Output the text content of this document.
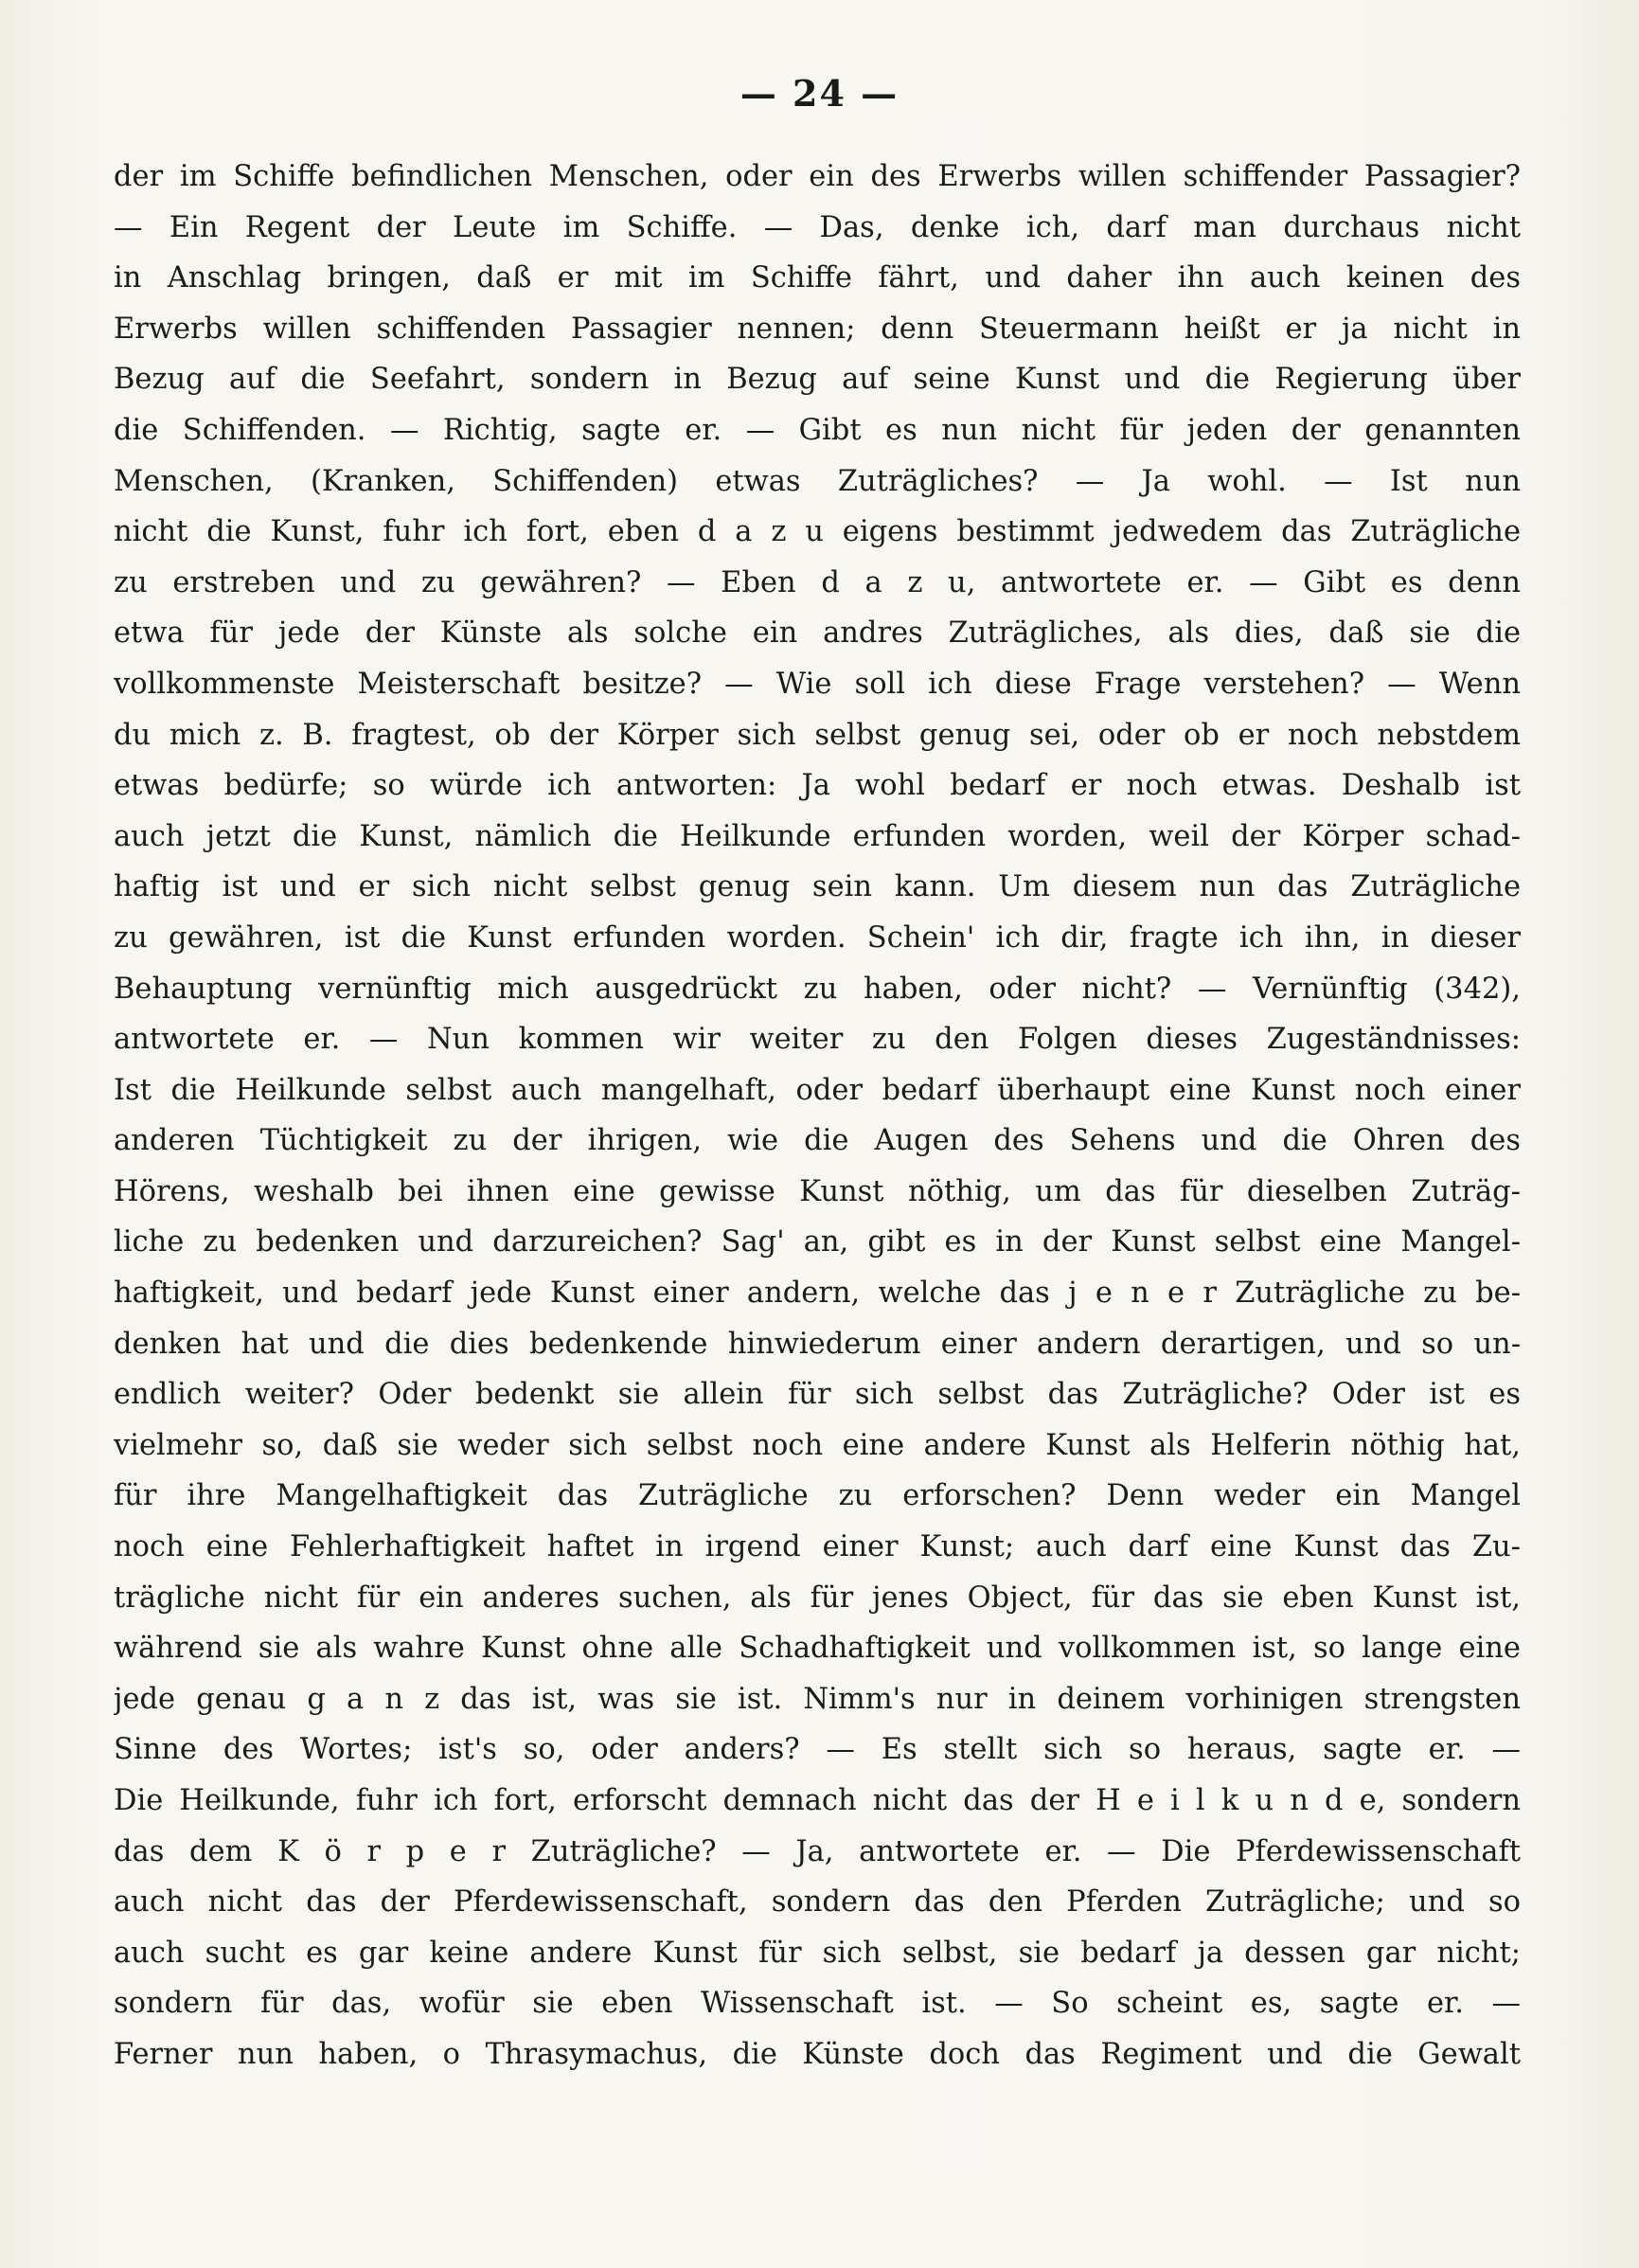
— 24 —
der im Schiffe befindlichen Menschen, oder ein des Erwerbs willen schiffender Passagier?
— Ein Regent der Leute im Schiffe. — Das, denke ich, darf man durchaus nicht
in Anschlag bringen, daß er mit im Schiffe fährt, und daher ihn auch keinen des
Erwerbs willen schiffenden Passagier nennen; denn Steuermann heißt er ja nicht in
Bezug auf die Seefahrt, sondern in Bezug auf seine Kunst und die Regierung über
die Schiffenden. — Richtig, sagte er. — Gibt es nun nicht für jeden der genannten
Menschen, (Kranken, Schiffenden) etwas Zuträgliches? — Ja wohl. — Ist nun
nicht die Kunst, fuhr ich fort, eben d a z u eigens bestimmt jedwedem das Zuträgliche
zu erstreben und zu gewähren? — Eben d a z u, antwortete er. — Gibt es denn
etwa für jede der Künste als solche ein andres Zuträgliches, als dies, daß sie die
vollkommenste Meisterschaft besitze? — Wie soll ich diese Frage verstehen? — Wenn
du mich z. B. fragtest, ob der Körper sich selbst genug sei, oder ob er noch nebstdem
etwas bedürfe; so würde ich antworten: Ja wohl bedarf er noch etwas. Deshalb ist
auch jetzt die Kunst, nämlich die Heilkunde erfunden worden, weil der Körper schad-
haftig ist und er sich nicht selbst genug sein kann. Um diesem nun das Zuträgliche
zu gewähren, ist die Kunst erfunden worden. Schein' ich dir, fragte ich ihn, in dieser
Behauptung vernünftig mich ausgedrückt zu haben, oder nicht? — Vernünftig (342),
antwortete er. — Nun kommen wir weiter zu den Folgen dieses Zugeständnisses:
Ist die Heilkunde selbst auch mangelhaft, oder bedarf überhaupt eine Kunst noch einer
anderen Tüchtigkeit zu der ihrigen, wie die Augen des Sehens und die Ohren des
Hörens, weshalb bei ihnen eine gewisse Kunst nöthig, um das für dieselben Zuträg-
liche zu bedenken und darzureichen? Sag' an, gibt es in der Kunst selbst eine Mangel-
haftigkeit, und bedarf jede Kunst einer andern, welche das j e n e r Zuträgliche zu be-
denken hat und die dies bedenkende hinwiederum einer andern derartigen, und so un-
endlich weiter? Oder bedenkt sie allein für sich selbst das Zuträgliche? Oder ist es
vielmehr so, daß sie weder sich selbst noch eine andere Kunst als Helferin nöthig hat,
für ihre Mangelhaftigkeit das Zuträgliche zu erforschen? Denn weder ein Mangel
noch eine Fehlerhaftigkeit haftet in irgend einer Kunst; auch darf eine Kunst das Zu-
trägliche nicht für ein anderes suchen, als für jenes Object, für das sie eben Kunst ist,
während sie als wahre Kunst ohne alle Schadhaftigkeit und vollkommen ist, so lange eine
jede genau g a n z das ist, was sie ist. Nimm's nur in deinem vorhinigen strengsten
Sinne des Wortes; ist's so, oder anders? — Es stellt sich so heraus, sagte er. —
Die Heilkunde, fuhr ich fort, erforscht demnach nicht das der H e i l k u n d e, sondern
das dem K ö r p e r Zuträgliche? — Ja, antwortete er. — Die Pferdewissenschaft
auch nicht das der Pferdewissenschaft, sondern das den Pferden Zuträgliche; und so
auch sucht es gar keine andere Kunst für sich selbst, sie bedarf ja dessen gar nicht;
sondern für das, wofür sie eben Wissenschaft ist. — So scheint es, sagte er. —
Ferner nun haben, o Thrasymachus, die Künste doch das Regiment und die Gewalt
